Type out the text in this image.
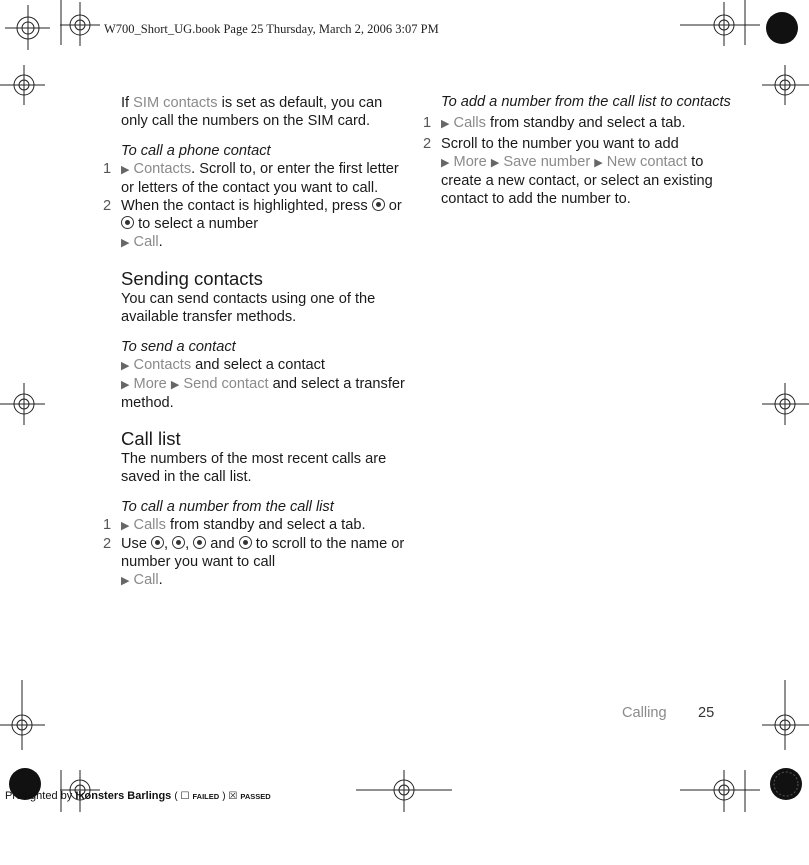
W700_Short_UG.book Page 25 Thursday, March 2, 2006 3:07 PM

If SIM contacts is set as default, you can only call the numbers on the SIM card.

To call a phone contact

1 ▶ Contacts. Scroll to, or enter the first letter or letters of the contact you want to call.
2 When the contact is highlighted, press or  to select a number
▶ Call.

Sending contacts

You can send contacts using one of the available transfer methods.

To send a contact

▶ Contacts and select a contact

▶ More ▶ Send contact and select a transfer method.

Call list

The numbers of the most recent calls are saved in the call list.

To call a number from the call list

1 ▶ Calls from standby and select a tab.
2 Use , ,  and to scroll to the name or number you want to call
▶ Call.

To add a number from the call list to contacts

1 ▶ Calls from standby and select a tab.
2 Scroll to the number you want to add
▶ More ▶ Save number ▶ New contact to create a new contact, or select an existing contact to add the number to.
Calling 25
Preflighted by Ikonsters Barlings ( ☐ FAILED ) ☒ PASSED
